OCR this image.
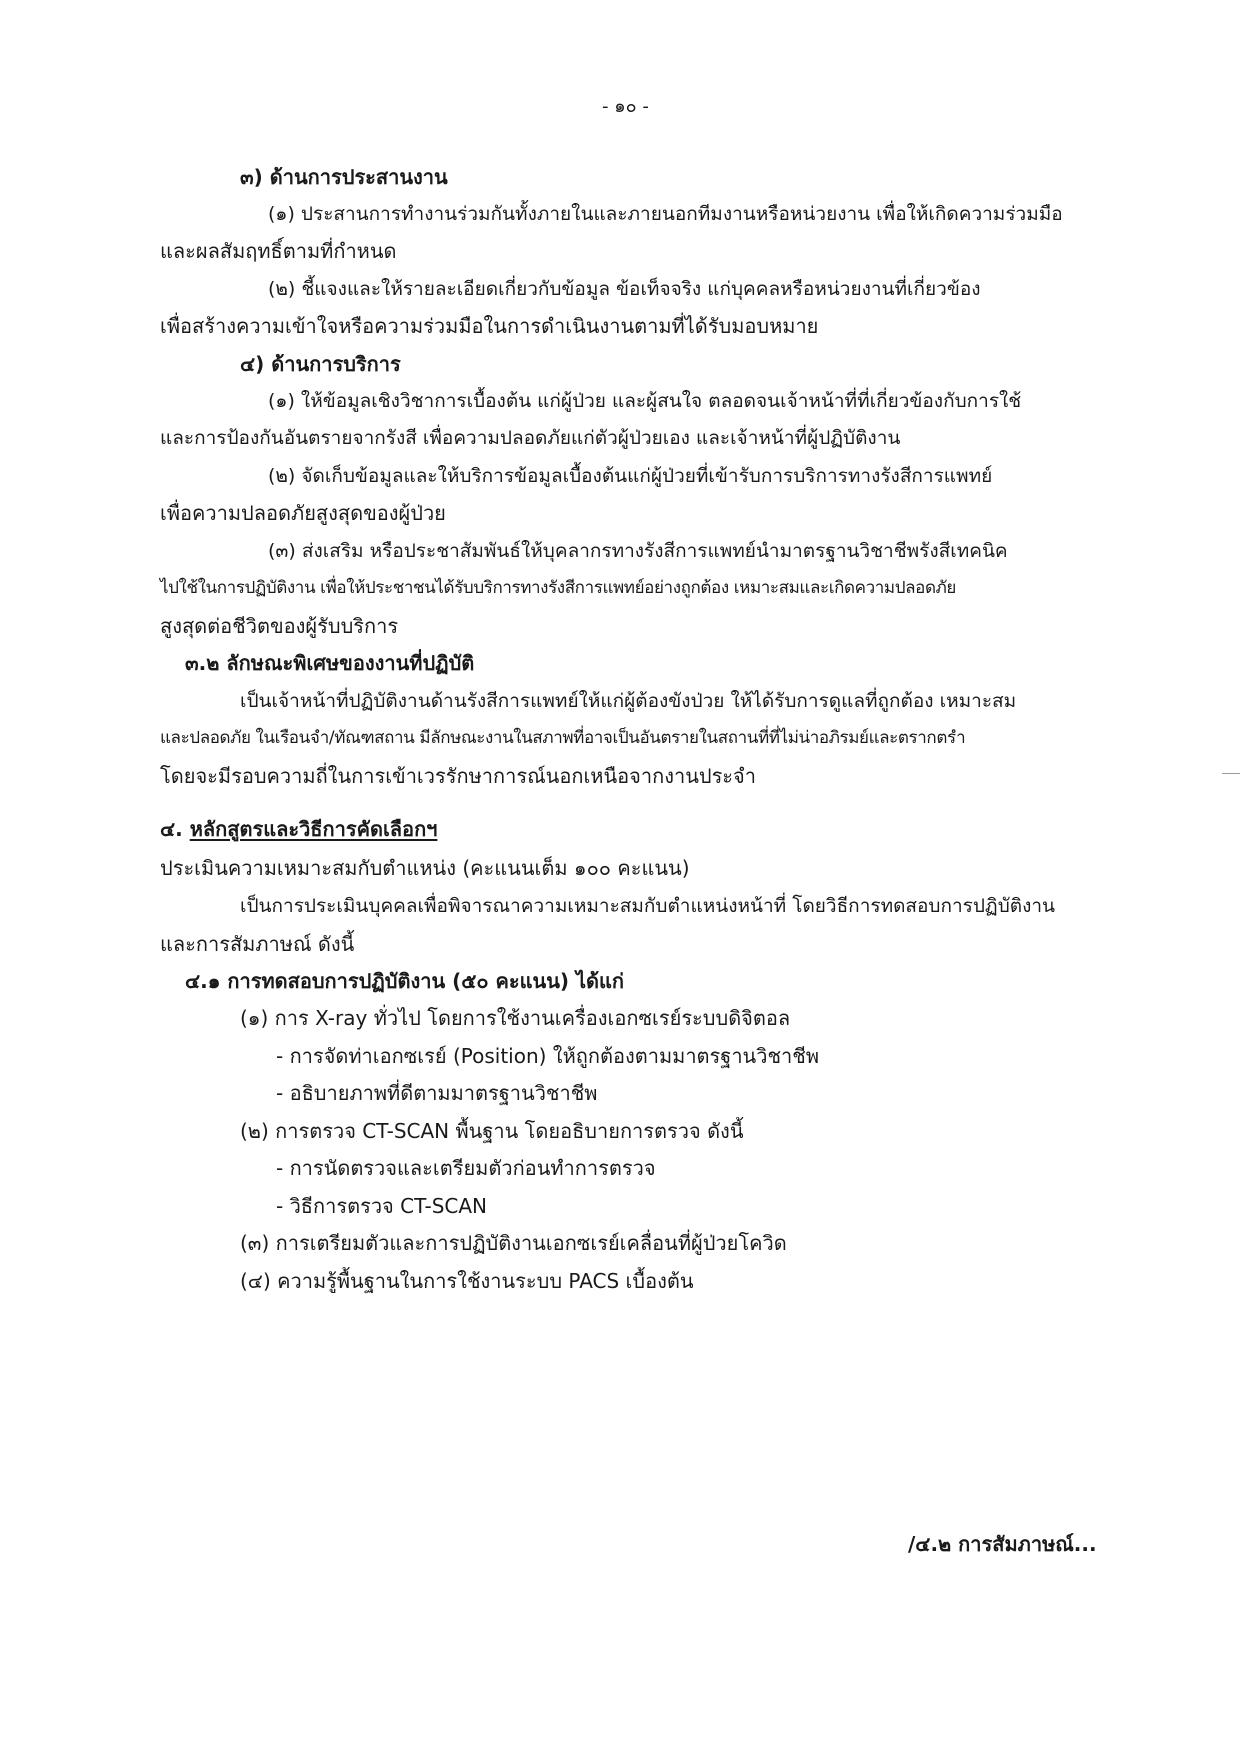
- ๑๐ -
๓) ด้านการประสานงาน
(๑) ประสานการทำงานร่วมกันทั้งภายในและภายนอกทีมงานหรือหน่วยงาน เพื่อให้เกิดความร่วมมือ
และผลสัมฤทธิ์ตามที่กำหนด
(๒) ชี้แจงและให้รายละเอียดเกี่ยวกับข้อมูล ข้อเท็จจริง แก่บุคคลหรือหน่วยงานที่เกี่ยวข้อง
เพื่อสร้างความเข้าใจหรือความร่วมมือในการดำเนินงานตามที่ได้รับมอบหมาย
๔) ด้านการบริการ
(๑) ให้ข้อมูลเชิงวิชาการเบื้องต้น แก่ผู้ป่วย และผู้สนใจ ตลอดจนเจ้าหน้าที่ที่เกี่ยวข้องกับการใช้
และการป้องกันอันตรายจากรังสี เพื่อความปลอดภัยแก่ตัวผู้ป่วยเอง และเจ้าหน้าที่ผู้ปฏิบัติงาน
(๒) จัดเก็บข้อมูลและให้บริการข้อมูลเบื้องต้นแก่ผู้ป่วยที่เข้ารับการบริการทางรังสีการแพทย์
เพื่อความปลอดภัยสูงสุดของผู้ป่วย
(๓) ส่งเสริม หรือประชาสัมพันธ์ให้บุคลากรทางรังสีการแพทย์นำมาตรฐานวิชาชีพรังสีเทคนิค
ไปใช้ในการปฏิบัติงาน เพื่อให้ประชาชนได้รับบริการทางรังสีการแพทย์อย่างถูกต้อง เหมาะสมและเกิดความปลอดภัย
สูงสุดต่อชีวิตของผู้รับบริการ
๓.๒ ลักษณะพิเศษของงานที่ปฏิบัติ
เป็นเจ้าหน้าที่ปฏิบัติงานด้านรังสีการแพทย์ให้แก่ผู้ต้องขังป่วย ให้ได้รับการดูแลที่ถูกต้อง เหมาะสม
และปลอดภัย ในเรือนจำ/ทัณฑสถาน มีลักษณะงานในสภาพที่อาจเป็นอันตรายในสถานที่ที่ไม่น่าอภิรมย์และตรากตรำ
โดยจะมีรอบความถี่ในการเข้าเวรรักษาการณ์นอกเหนือจากงานประจำ
๔. หลักสูตรและวิธีการคัดเลือกฯ
ประเมินความเหมาะสมกับตำแหน่ง (คะแนนเต็ม ๑๐๐ คะแนน)
เป็นการประเมินบุคคลเพื่อพิจารณาความเหมาะสมกับตำแหน่งหน้าที่ โดยวิธีการทดสอบการปฏิบัติงาน
และการสัมภาษณ์ ดังนี้
๔.๑ การทดสอบการปฏิบัติงาน (๕๐ คะแนน) ได้แก่
(๑) การ X-ray ทั่วไป โดยการใช้งานเครื่องเอกซเรย์ระบบดิจิตอล
- การจัดท่าเอกซเรย์ (Position) ให้ถูกต้องตามมาตรฐานวิชาชีพ
- อธิบายภาพที่ดีตามมาตรฐานวิชาชีพ
(๒) การตรวจ CT-SCAN พื้นฐาน โดยอธิบายการตรวจ ดังนี้
- การนัดตรวจและเตรียมตัวก่อนทำการตรวจ
- วิธีการตรวจ CT-SCAN
(๓) การเตรียมตัวและการปฏิบัติงานเอกซเรย์เคลื่อนที่ผู้ป่วยโควิด
(๔) ความรู้พื้นฐานในการใช้งานระบบ PACS เบื้องต้น
/๔.๒ การสัมภาษณ์...
